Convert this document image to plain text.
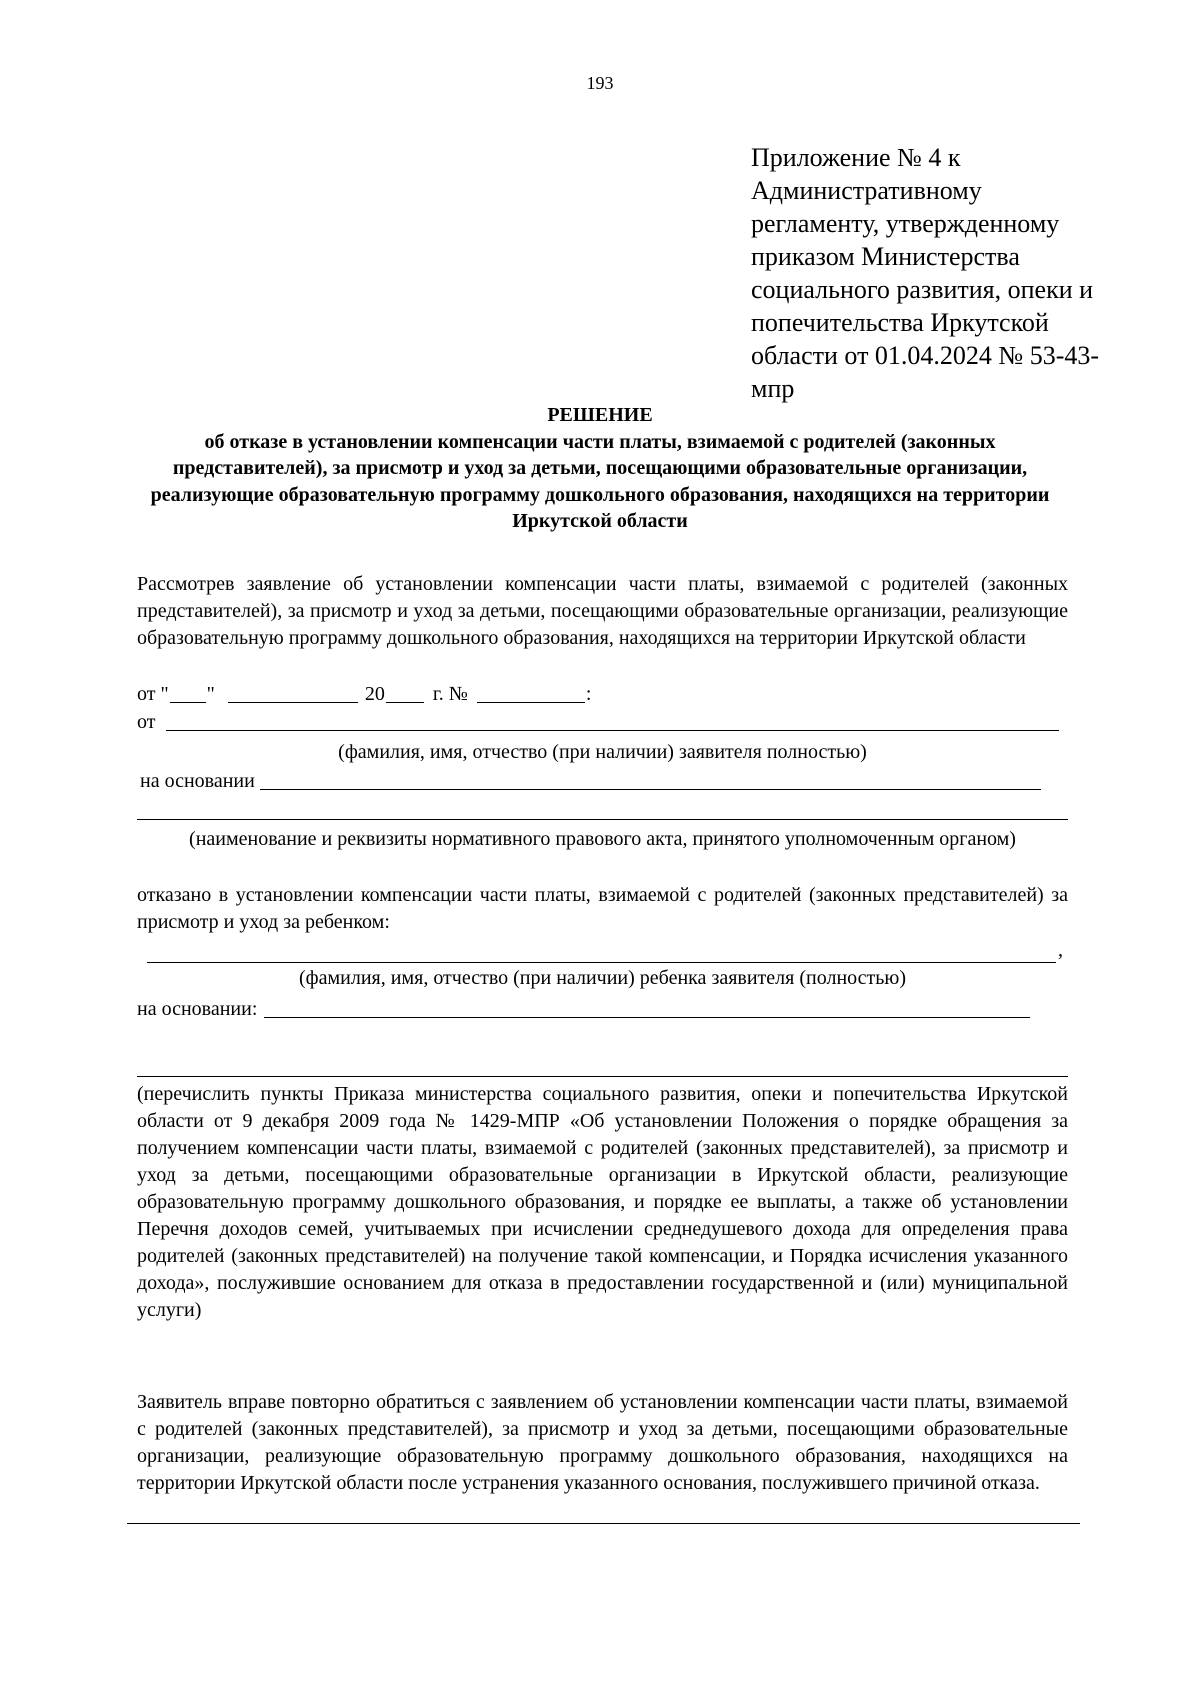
193
Приложение № 4 к
Административному
регламенту, утвержденному
приказом Министерства
социального развития, опеки и
попечительства Иркутской
области от 01.04.2024 № 53-43-
мпр
РЕШЕНИЕ
об отказе в установлении компенсации части платы, взимаемой с родителей (законных представителей), за присмотр и уход за детьми, посещающими образовательные организации, реализующие образовательную программу дошкольного образования, находящихся на территории Иркутской области
Рассмотрев заявление об установлении компенсации части платы, взимаемой с родителей (законных представителей), за присмотр и уход за детьми, посещающими образовательные организации, реализующие образовательную программу дошкольного образования, находящихся на территории Иркутской области
от " "	20 г. №	:
от
(фамилия, имя, отчество (при наличии) заявителя полностью)
на основании
(наименование и реквизиты нормативного правового акта, принятого уполномоченным органом)
отказано в установлении компенсации части платы, взимаемой с родителей (законных представителей) за присмотр и уход за ребенком:
,
(фамилия, имя, отчество (при наличии) ребенка заявителя (полностью)
на основании:
(перечислить пункты Приказа министерства социального развития, опеки и попечительства Иркутской области от 9 декабря 2009 года № 1429-МПР «Об установлении Положения о порядке обращения за получением компенсации части платы, взимаемой с родителей (законных представителей), за присмотр и уход за детьми, посещающими образовательные организации в Иркутской области, реализующие образовательную программу дошкольного образования, и порядке ее выплаты, а также об установлении Перечня доходов семей, учитываемых при исчислении среднедушевого дохода для определения права родителей (законных представителей) на получение такой компенсации, и Порядка исчисления указанного дохода», послужившие основанием для отказа в предоставлении государственной и (или) муниципальной услуги)
Заявитель вправе повторно обратиться с заявлением об установлении компенсации части платы, взимаемой с родителей (законных представителей), за присмотр и уход за детьми, посещающими образовательные организации, реализующие образовательную программу дошкольного образования, находящихся на территории Иркутской области после устранения указанного основания, послужившего причиной отказа.
